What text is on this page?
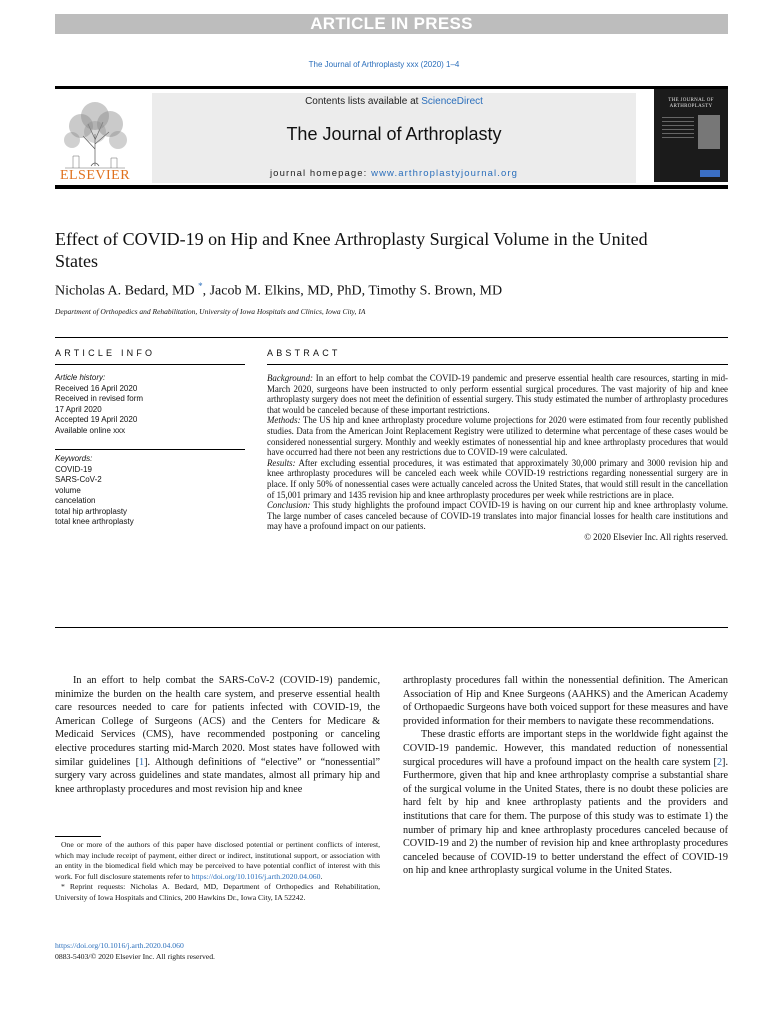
ARTICLE IN PRESS
The Journal of Arthroplasty xxx (2020) 1–4
ELSEVIER
Contents lists available at ScienceDirect
The Journal of Arthroplasty
journal homepage: www.arthroplastyjournal.org
THE JOURNAL OF ARTHROPLASTY
Effect of COVID-19 on Hip and Knee Arthroplasty Surgical Volume in the United States
Nicholas A. Bedard, MD *, Jacob M. Elkins, MD, PhD, Timothy S. Brown, MD
Department of Orthopedics and Rehabilitation, University of Iowa Hospitals and Clinics, Iowa City, IA
ARTICLE INFO	ABSTRACT
Article history:
Received 16 April 2020
Received in revised form
17 April 2020
Accepted 19 April 2020
Available online xxx
Keywords:
COVID-19
SARS-CoV-2
volume
cancelation
total hip arthroplasty
total knee arthroplasty

Background: In an effort to help combat the COVID-19 pandemic and preserve essential health care resources, starting in mid-March 2020, surgeons have been instructed to only perform essential surgical procedures. The vast majority of hip and knee arthroplasty surgery does not meet the definition of essential surgery. This study estimated the number of arthroplasty procedures that would be canceled because of these important restrictions.

Methods: The US hip and knee arthroplasty procedure volume projections for 2020 were estimated from four recently published studies. Data from the American Joint Replacement Registry were utilized to determine what percentage of these cases would be considered nonessential surgery. Monthly and weekly estimates of nonessential hip and knee arthroplasty procedures that would have occurred had there not been any restrictions due to COVID-19 were calculated.

Results: After excluding essential procedures, it was estimated that approximately 30,000 primary and 3000 revision hip and knee arthroplasty procedures will be canceled each week while COVID-19 restrictions regarding nonessential surgery are in place. If only 50% of nonessential cases were actually canceled across the United States, that would still result in the cancellation of 15,001 primary and 1435 revision hip and knee arthroplasty procedures per week while restrictions are in place.

Conclusion: This study highlights the profound impact COVID-19 is having on our current hip and knee arthroplasty volume. The large number of cases canceled because of COVID-19 translates into major financial losses for health care institutions and may have a profound impact on our patients.

© 2020 Elsevier Inc. All rights reserved.

In an effort to help combat the SARS-CoV-2 (COVID-19) pandemic, minimize the burden on the health care system, and preserve essential health care resources needed to care for patients infected with COVID-19, the American College of Surgeons (ACS) and the Centers for Medicare & Medicaid Services (CMS), have recommended postponing or canceling elective procedures starting mid-March 2020. Most states have followed with similar guidelines [1]. Although definitions of “elective” or “nonessential” surgery vary across guidelines and state mandates, almost all primary hip and knee arthroplasty procedures and most revision hip and knee

arthroplasty procedures fall within the nonessential definition. The American Association of Hip and Knee Surgeons (AAHKS) and the American Academy of Orthopaedic Surgeons have both voiced support for these measures and have provided information for their members to navigate these recommendations.

These drastic efforts are important steps in the worldwide fight against the COVID-19 pandemic. However, this mandated reduction of nonessential surgical procedures will have a profound impact on the health care system [2]. Furthermore, given that hip and knee arthroplasty comprise a substantial share of the surgical volume in the United States, there is no doubt these policies are hard felt by hip and knee arthroplasty patients and the providers and institutions that care for them. The purpose of this study was to estimate 1) the number of primary hip and knee arthroplasty procedures canceled because of COVID-19 and 2) the number of revision hip and knee arthroplasty procedures canceled because of COVID-19 to better understand the effect of COVID-19 on hip and knee arthroplasty surgical volume in the United States.

One or more of the authors of this paper have disclosed potential or pertinent conflicts of interest, which may include receipt of payment, either direct or indirect, institutional support, or association with an entity in the biomedical field which may be perceived to have potential conflict of interest with this work. For full disclosure statements refer to https://doi.org/10.1016/j.arth.2020.04.060.

* Reprint requests: Nicholas A. Bedard, MD, Department of Orthopedics and Rehabilitation, University of Iowa Hospitals and Clinics, 200 Hawkins Dr., Iowa City, IA 52242.

https://doi.org/10.1016/j.arth.2020.04.060
0883-5403/© 2020 Elsevier Inc. All rights reserved.
